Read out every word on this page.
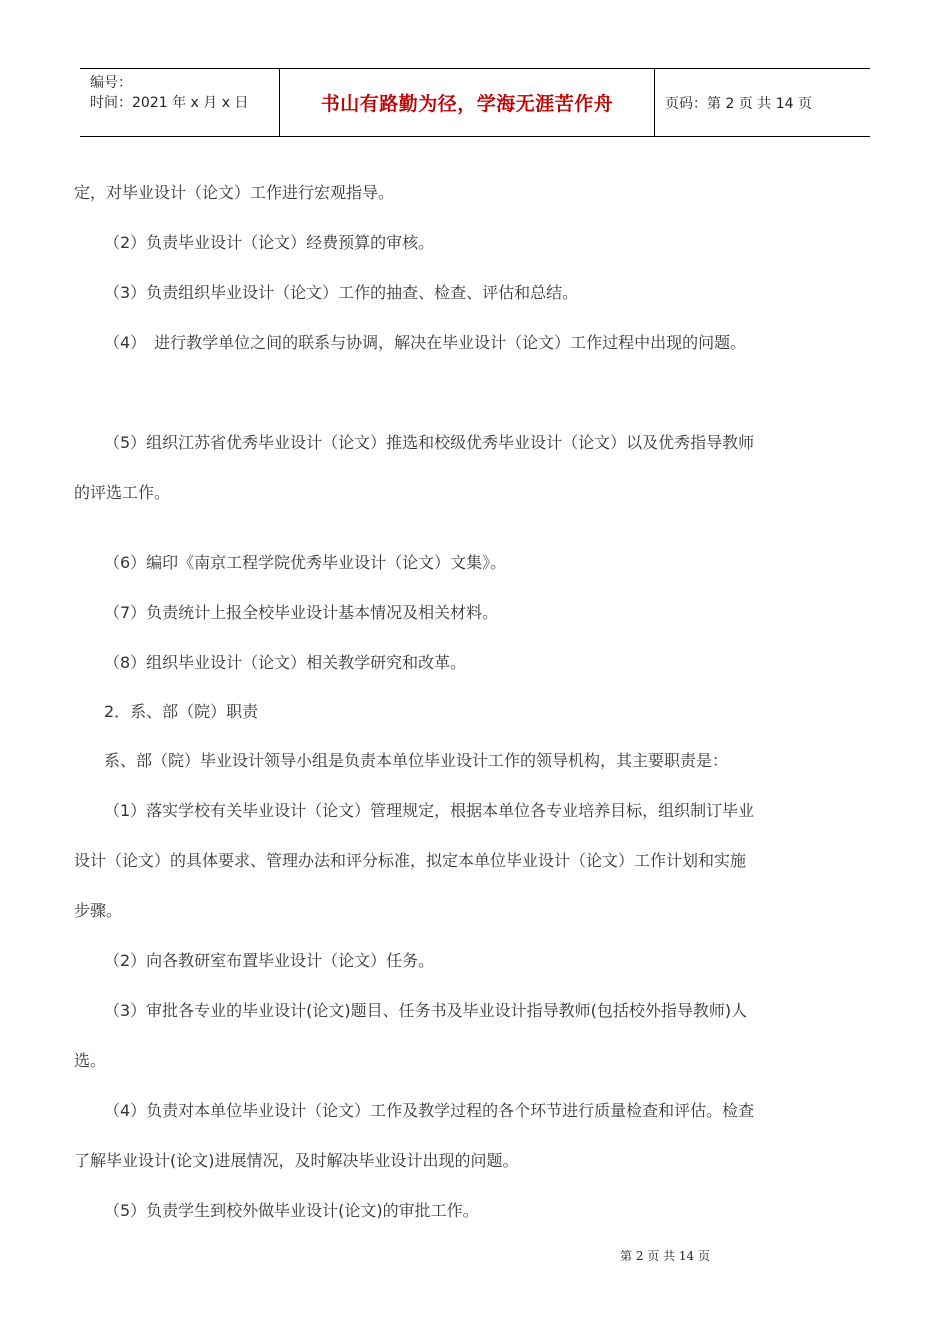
编号：
时间：2021 年 x 月 x 日	书山有路勤为径，学海无涯苦作舟	页码：第 2 页 共 14 页

定，对毕业设计（论文）工作进行宏观指导。

（2）负责毕业设计（论文）经费预算的审核。

（3）负责组织毕业设计（论文）工作的抽查、检查、评估和总结。

（4）　进行教学单位之间的联系与协调，解决在毕业设计（论文）工作过程中出现的问题。

（5）组织江苏省优秀毕业设计（论文）推选和校级优秀毕业设计（论文）以及优秀指导教师

的评选工作。

（6）编印《南京工程学院优秀毕业设计（论文）文集》。

（7）负责统计上报全校毕业设计基本情况及相关材料。

（8）组织毕业设计（论文）相关教学研究和改革。

2．系、部（院）职责

系、部（院）毕业设计领导小组是负责本单位毕业设计工作的领导机构，其主要职责是：

（1）落实学校有关毕业设计（论文）管理规定，根据本单位各专业培养目标，组织制订毕业

设计（论文）的具体要求、管理办法和评分标准，拟定本单位毕业设计（论文）工作计划和实施

步骤。

（2）向各教研室布置毕业设计（论文）任务。

（3）审批各专业的毕业设计(论文)题目、任务书及毕业设计指导教师(包括校外指导教师)人

选。

（4）负责对本单位毕业设计（论文）工作及教学过程的各个环节进行质量检查和评估。检查

了解毕业设计(论文)进展情况，及时解决毕业设计出现的问题。

（5）负责学生到校外做毕业设计(论文)的审批工作。

第 2 页 共 14 页
